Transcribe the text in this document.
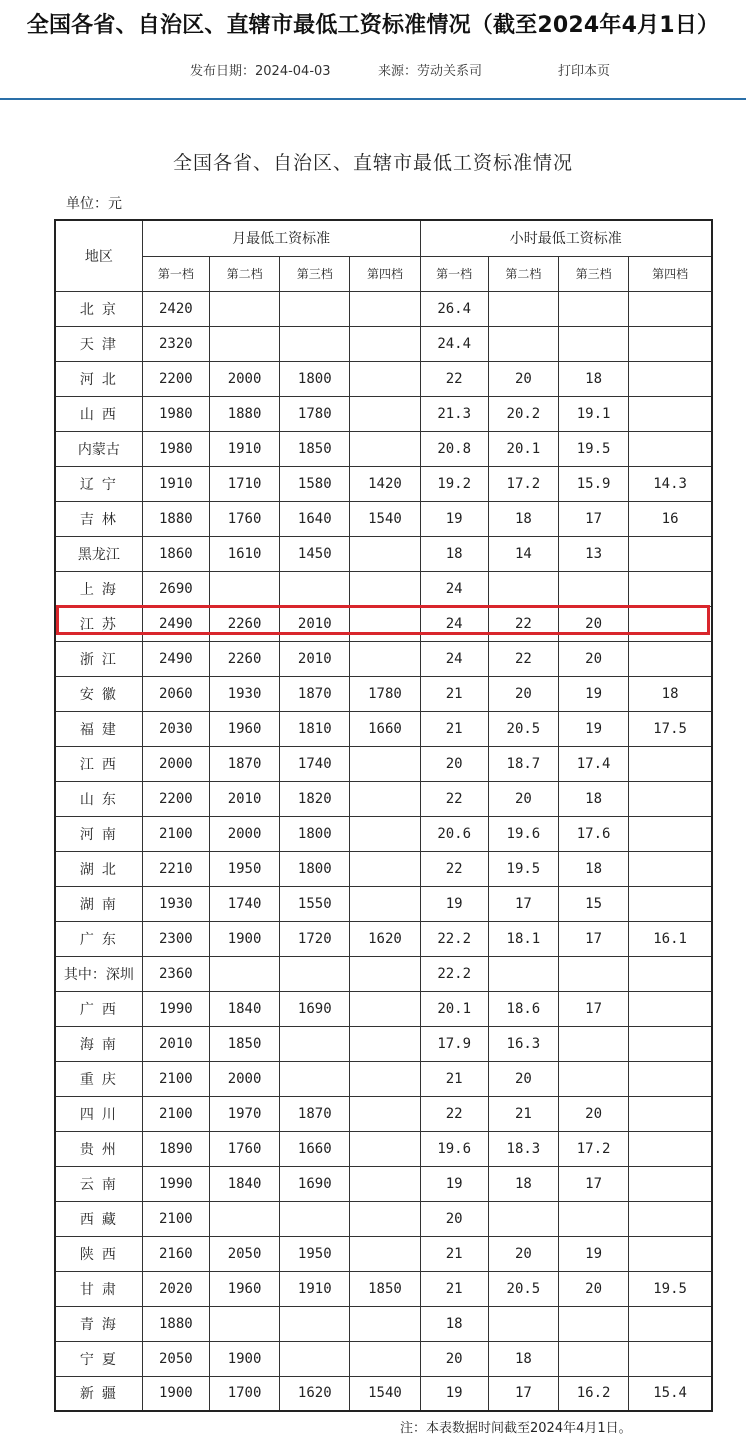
全国各省、自治区、直辖市最低工资标准情况（截至2024年4月1日）
发布日期：2024-04-03	来源：劳动关系司	打印本页
全国各省、自治区、直辖市最低工资标准情况
单位：元
地区	月最低工资标准				小时最低工资标准			
	第一档	第二档	第三档	第四档	第一档	第二档	第三档	第四档
北京	2420				26.4			
天津	2320				24.4			
河北	2200	2000	1800		22	20	18	
山西	1980	1880	1780		21.3	20.2	19.1	
内蒙古	1980	1910	1850		20.8	20.1	19.5	
辽宁	1910	1710	1580	1420	19.2	17.2	15.9	14.3
吉林	1880	1760	1640	1540	19	18	17	16
黑龙江	1860	1610	1450		18	14	13	
上海	2690				24			
江苏	2490	2260	2010		24	22	20	
浙江	2490	2260	2010		24	22	20	
安徽	2060	1930	1870	1780	21	20	19	18
福建	2030	1960	1810	1660	21	20.5	19	17.5
江西	2000	1870	1740		20	18.7	17.4	
山东	2200	2010	1820		22	20	18	
河南	2100	2000	1800		20.6	19.6	17.6	
湖北	2210	1950	1800		22	19.5	18	
湖南	1930	1740	1550		19	17	15	
广东	2300	1900	1720	1620	22.2	18.1	17	16.1
其中：深圳	2360				22.2			
广西	1990	1840	1690		20.1	18.6	17	
海南	2010	1850			17.9	16.3		
重庆	2100	2000			21	20		
四川	2100	1970	1870		22	21	20	
贵州	1890	1760	1660		19.6	18.3	17.2	
云南	1990	1840	1690		19	18	17	
西藏	2100				20			
陕西	2160	2050	1950		21	20	19	
甘肃	2020	1960	1910	1850	21	20.5	20	19.5
青海	1880				18			
宁夏	2050	1900			20	18		
新疆	1900	1700	1620	1540	19	17	16.2	15.4
注：本表数据时间截至2024年4月1日。
